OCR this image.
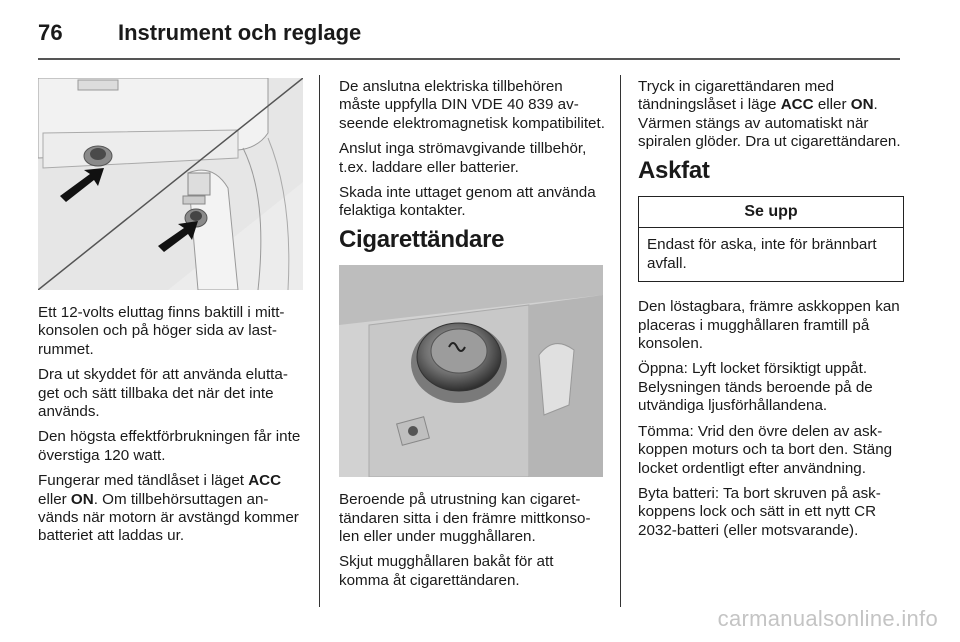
76	Instrument och reglage

Ett 12-volts eluttag finns baktill i mittkonsolen och på höger sida av lastrummet.

Dra ut skyddet för att använda eluttaget och sätt tillbaka det när det inte används.

Den högsta effektförbrukningen får inte överstiga 120 watt.

Fungerar med tändlåset i läget ACC eller ON. Om tillbehörsuttagen används när motorn är avstängd kommer batteriet att laddas ur.

De anslutna elektriska tillbehören måste uppfylla DIN VDE 40 839 avseende elektromagnetisk kompatibilitet.

Anslut inga strömavgivande tillbehör, t.ex. laddare eller batterier.

Skada inte uttaget genom att använda felaktiga kontakter.

Cigarettändare

Beroende på utrustning kan cigarettändaren sitta i den främre mittkonsolen eller under mugghållaren.

Skjut mugghållaren bakåt för att komma åt cigarettändaren.

Tryck in cigarettändaren med tändningslåset i läge ACC eller ON. Värmen stängs av automatiskt när spiralen glöder. Dra ut cigarettändaren.

Askfat
Se upp
Endast för aska, inte för brännbart avfall.

Den löstagbara, främre askkoppen kan placeras i mugghållaren framtill på konsolen.

Öppna: Lyft locket försiktigt uppåt. Belysningen tänds beroende på de utvändiga ljusförhållandena.

Tömma: Vrid den övre delen av askkoppen moturs och ta bort den. Stäng locket ordentligt efter användning.

Byta batteri: Ta bort skruven på askkoppens lock och sätt in ett nytt CR 2032-batteri (eller motsvarande).

carmanualsonline.info
